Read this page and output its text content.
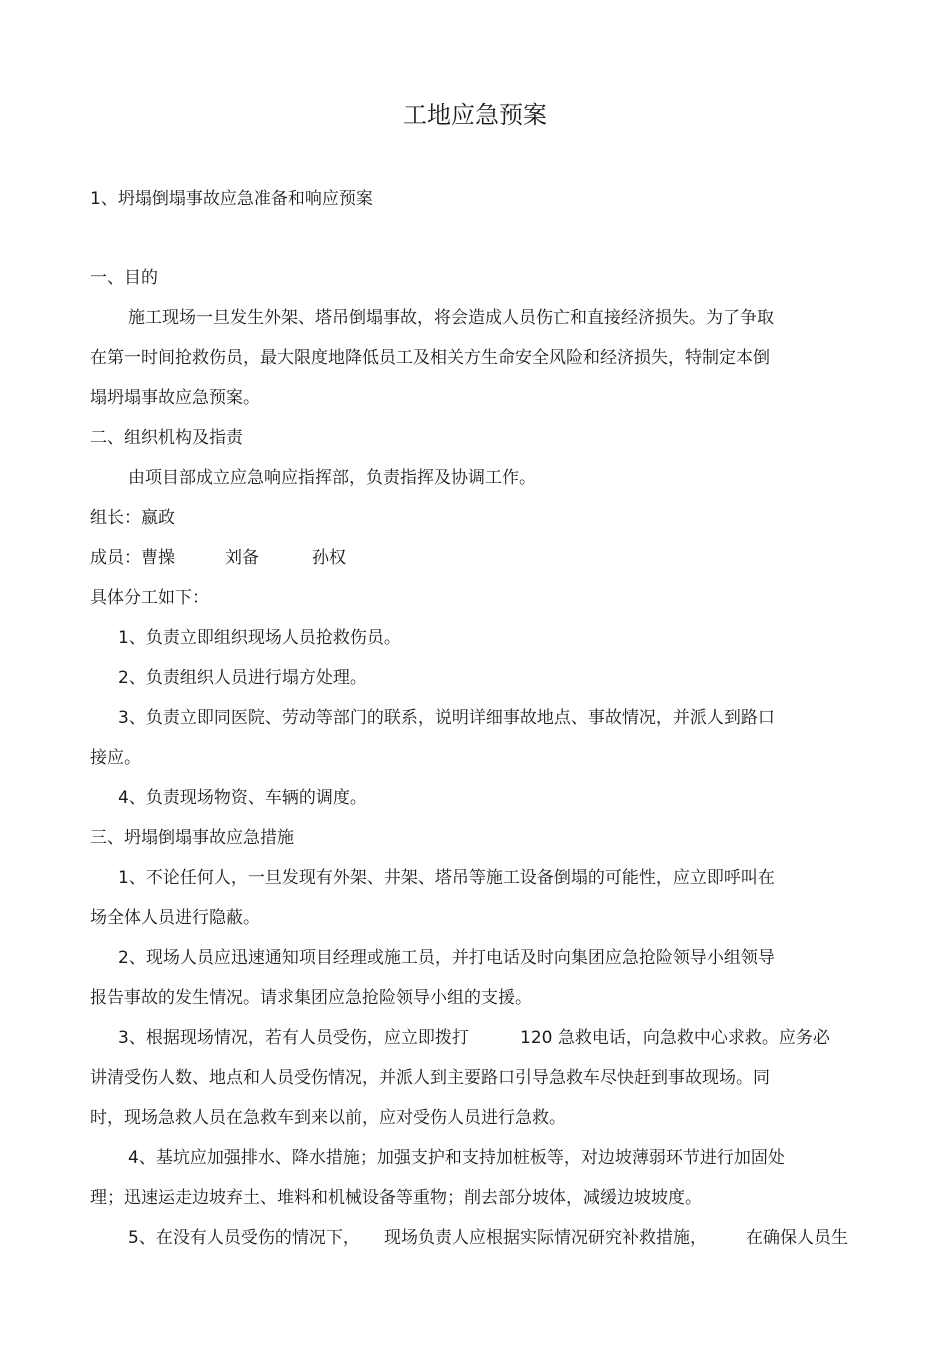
工地应急预案
1、坍塌倒塌事故应急准备和响应预案
一、目的
施工现场一旦发生外架、塔吊倒塌事故，将会造成人员伤亡和直接经济损失。为了争取
在第一时间抢救伤员，最大限度地降低员工及相关方生命安全风险和经济损失，特制定本倒
塌坍塌事故应急预案。
二、组织机构及指责
由项目部成立应急响应指挥部，负责指挥及协调工作。
组长：嬴政
成员：曹操	刘备	孙权
具体分工如下：
1、负责立即组织现场人员抢救伤员。
2、负责组织人员进行塌方处理。
3、负责立即同医院、劳动等部门的联系，说明详细事故地点、事故情况，并派人到路口
接应。
4、负责现场物资、车辆的调度。
三、坍塌倒塌事故应急措施
1、不论任何人，一旦发现有外架、井架、塔吊等施工设备倒塌的可能性，应立即呼叫在
场全体人员进行隐蔽。
2、现场人员应迅速通知项目经理或施工员，并打电话及时向集团应急抢险领导小组领导
报告事故的发生情况。请求集团应急抢险领导小组的支援。
3、根据现场情况，若有人员受伤，应立即拨打	120 急救电话，向急救中心求救。应务必
讲清受伤人数、地点和人员受伤情况，并派人到主要路口引导急救车尽快赶到事故现场。同
时，现场急救人员在急救车到来以前，应对受伤人员进行急救。
4、基坑应加强排水、降水措施；加强支护和支持加桩板等，对边坡薄弱环节进行加固处
理；迅速运走边坡弃土、堆料和机械设备等重物；削去部分坡体，减缓边坡坡度。
5、在没有人员受伤的情况下， 现场负责人应根据实际情况研究补救措施， 在确保人员生
